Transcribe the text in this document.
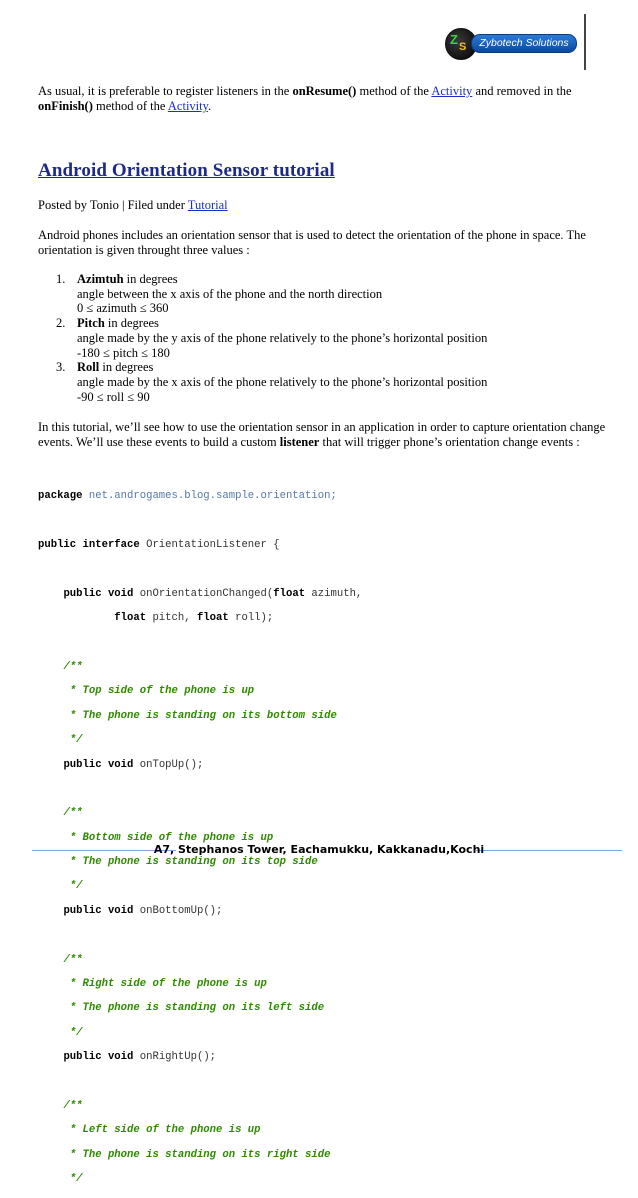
Z S	Zybotech Solutions
As usual, it is preferable to register listeners in the onResume() method of the Activity and removed in the onFinish() method of the Activity.
Android Orientation Sensor tutorial
Posted by Tonio | Filed under Tutorial
Android phones includes an orientation sensor that is used to detect the orientation of the phone in space. The orientation is given throught three values :
1. Azimtuh in degrees
angle between the x axis of the phone and the north direction
0 ≤ azimuth ≤ 360
2. Pitch in degrees
angle made by the y axis of the phone relatively to the phone’s horizontal position
-180 ≤ pitch ≤ 180
3. Roll in degrees
angle made by the x axis of the phone relatively to the phone’s horizontal position
-90 ≤ roll ≤ 90
In this tutorial, we’ll see how to use the orientation sensor in an application in order to capture orientation change events. We’ll use these events to build a custom listener that will trigger phone’s orientation change events :

package net.androgames.blog.sample.orientation;

public interface OrientationListener {

public void onOrientationChanged(float azimuth,

float pitch, float roll);

/**

* Top side of the phone is up

* The phone is standing on its bottom side

*/

public void onTopUp();

/**

* Bottom side of the phone is up

* The phone is standing on its top side

*/

public void onBottomUp();

/**

* Right side of the phone is up

* The phone is standing on its left side

*/

public void onRightUp();

/**

* Left side of the phone is up

* The phone is standing on its right side

*/

A7, Stephanos Tower, Eachamukku, Kakkanadu,Kochi
